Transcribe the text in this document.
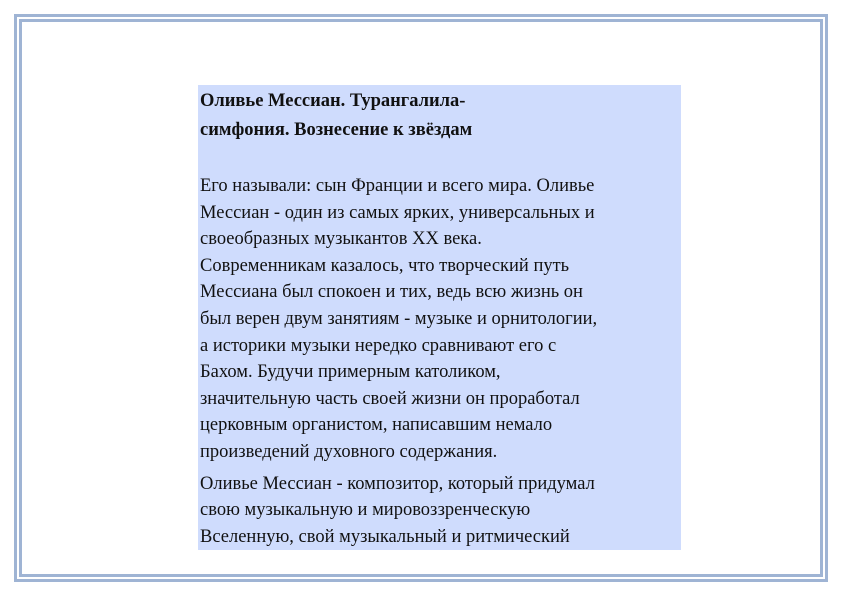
Оливье Мессиан. Турангалила-
симфония. Вознесение к звёздам

Его называли: сын Франции и всего мира. Оливье
Мессиан - один из самых ярких, универсальных и
своеобразных музыкантов XX века.
Современникам казалось, что творческий путь
Мессиана был спокоен и тих, ведь всю жизнь он
был верен двум занятиям - музыке и орнитологии,
а историки музыки нередко сравнивают его с
Бахом. Будучи примерным католиком,
значительную часть своей жизни он проработал
церковным органистом, написавшим немало
произведений духовного содержания.

Оливье Мессиан - композитор, который придумал
свою музыкальную и мировоззренческую
Вселенную, свой музыкальный и ритмический
